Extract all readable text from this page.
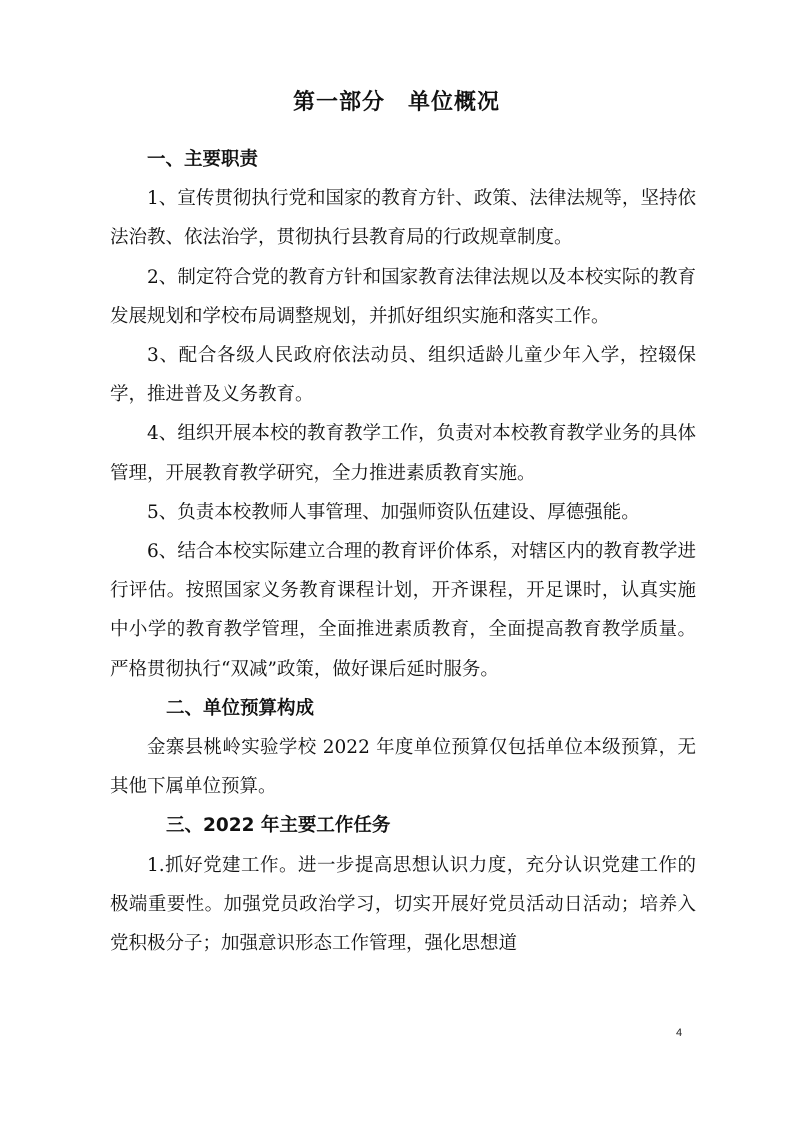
第一部分　单位概况
一、主要职责

1、宣传贯彻执行党和国家的教育方针、政策、法律法规等，坚持依法治教、依法治学，贯彻执行县教育局的行政规章制度。

2、制定符合党的教育方针和国家教育法律法规以及本校实际的教育发展规划和学校布局调整规划，并抓好组织实施和落实工作。

3、配合各级人民政府依法动员、组织适龄儿童少年入学，控辍保学，推进普及义务教育。

4、组织开展本校的教育教学工作，负责对本校教育教学业务的具体管理，开展教育教学研究，全力推进素质教育实施。

5、负责本校教师人事管理、加强师资队伍建设、厚德强能。

6、结合本校实际建立合理的教育评价体系，对辖区内的教育教学进行评估。按照国家义务教育课程计划，开齐课程，开足课时，认真实施中小学的教育教学管理，全面推进素质教育，全面提高教育教学质量。严格贯彻执行“双减”政策，做好课后延时服务。

二、单位预算构成

金寨县桃岭实验学校 2022 年度单位预算仅包括单位本级预算，无其他下属单位预算。

三、2022 年主要工作任务

1.抓好党建工作。进一步提高思想认识力度，充分认识党建工作的极端重要性。加强党员政治学习，切实开展好党员活动日活动；培养入党积极分子；加强意识形态工作管理，强化思想道

4
